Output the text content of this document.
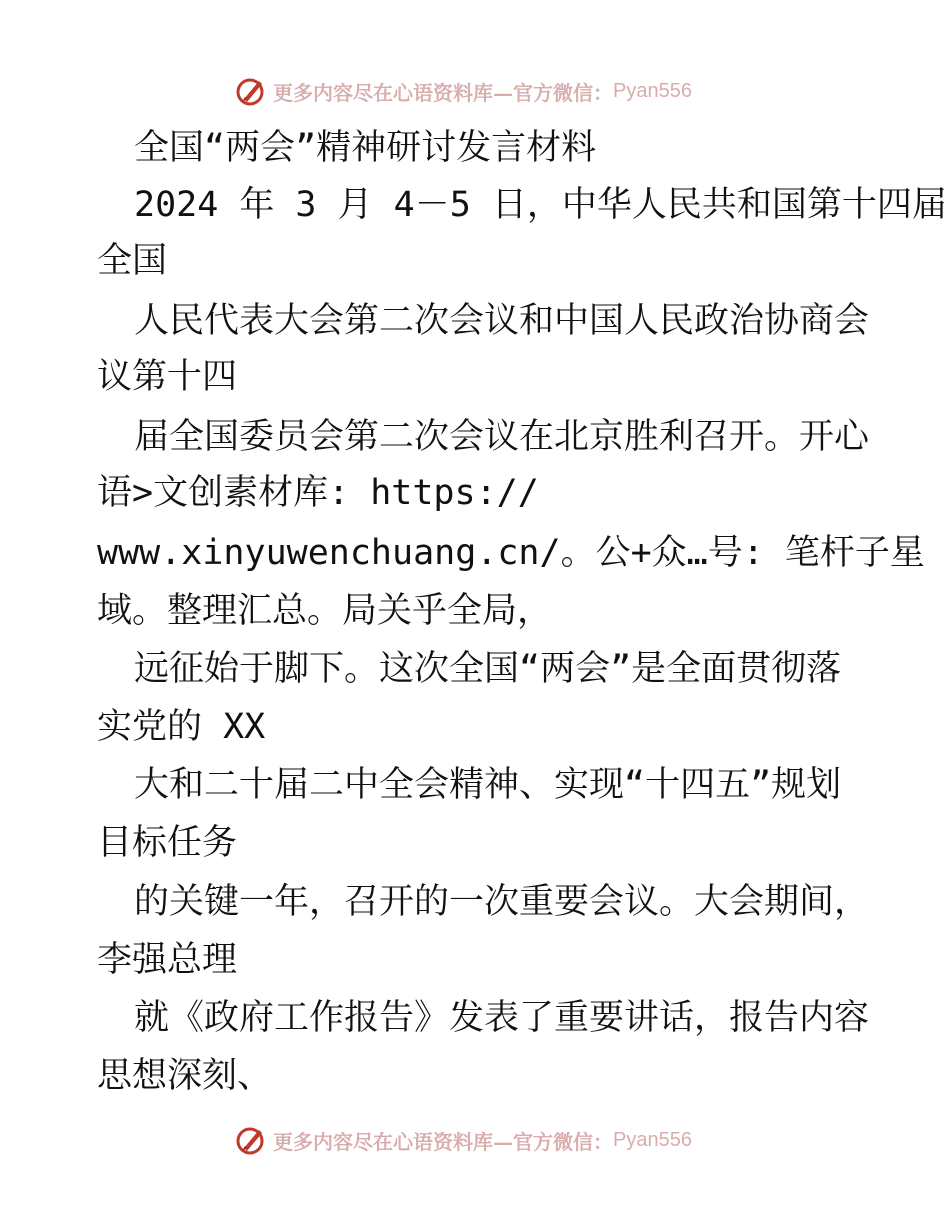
更多内容尽在心语资料库—官方微信： Pyan556
全国“两会”精神研讨发言材料
2024 年 3 月 4－5 日，中华人民共和国第十四届
全国
人民代表大会第二次会议和中国人民政治协商会
议第十四
届全国委员会第二次会议在北京胜利召开。开心
语>文创素材库: https://
www.xinyuwenchuang.cn/。公+众…号: 笔杆子星
域。整理汇总。局关乎全局，
远征始于脚下。这次全国“两会”是全面贯彻落
实党的 XX
大和二十届二中全会精神、实现“十四五”规划
目标任务
的关键一年，召开的一次重要会议。大会期间，
李强总理
就《政府工作报告》发表了重要讲话，报告内容
思想深刻、
更多内容尽在心语资料库—官方微信： Pyan556
